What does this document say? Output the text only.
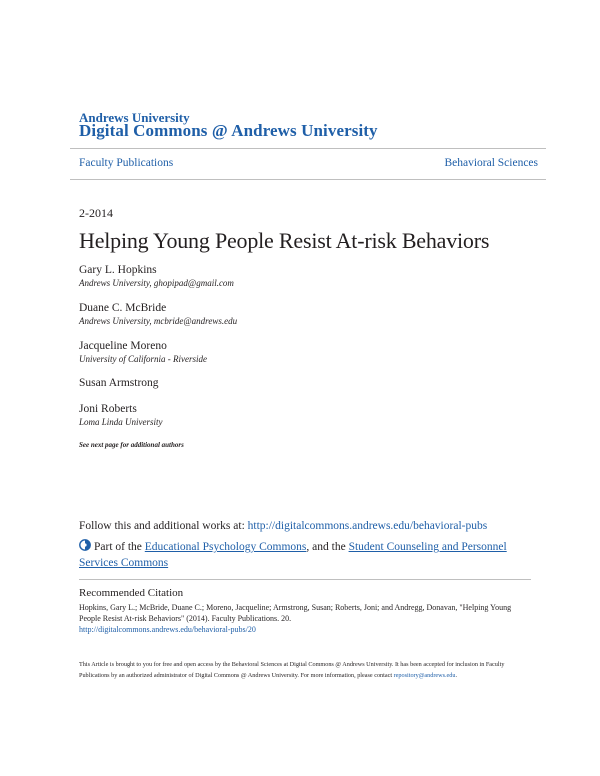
Andrews University
Digital Commons @ Andrews University
Faculty Publications	Behavioral Sciences
2-2014
Helping Young People Resist At-risk Behaviors
Gary L. Hopkins
Andrews University, ghopipad@gmail.com
Duane C. McBride
Andrews University, mcbride@andrews.edu
Jacqueline Moreno
University of California - Riverside
Susan Armstrong
Joni Roberts
Loma Linda University
See next page for additional authors
Follow this and additional works at: http://digitalcommons.andrews.edu/behavioral-pubs
Part of the Educational Psychology Commons, and the Student Counseling and Personnel Services Commons
Recommended Citation
Hopkins, Gary L.; McBride, Duane C.; Moreno, Jacqueline; Armstrong, Susan; Roberts, Joni; and Andregg, Donavan, "Helping Young People Resist At-risk Behaviors" (2014). Faculty Publications. 20.
http://digitalcommons.andrews.edu/behavioral-pubs/20
This Article is brought to you for free and open access by the Behavioral Sciences at Digital Commons @ Andrews University. It has been accepted for inclusion in Faculty Publications by an authorized administrator of Digital Commons @ Andrews University. For more information, please contact repository@andrews.edu.
